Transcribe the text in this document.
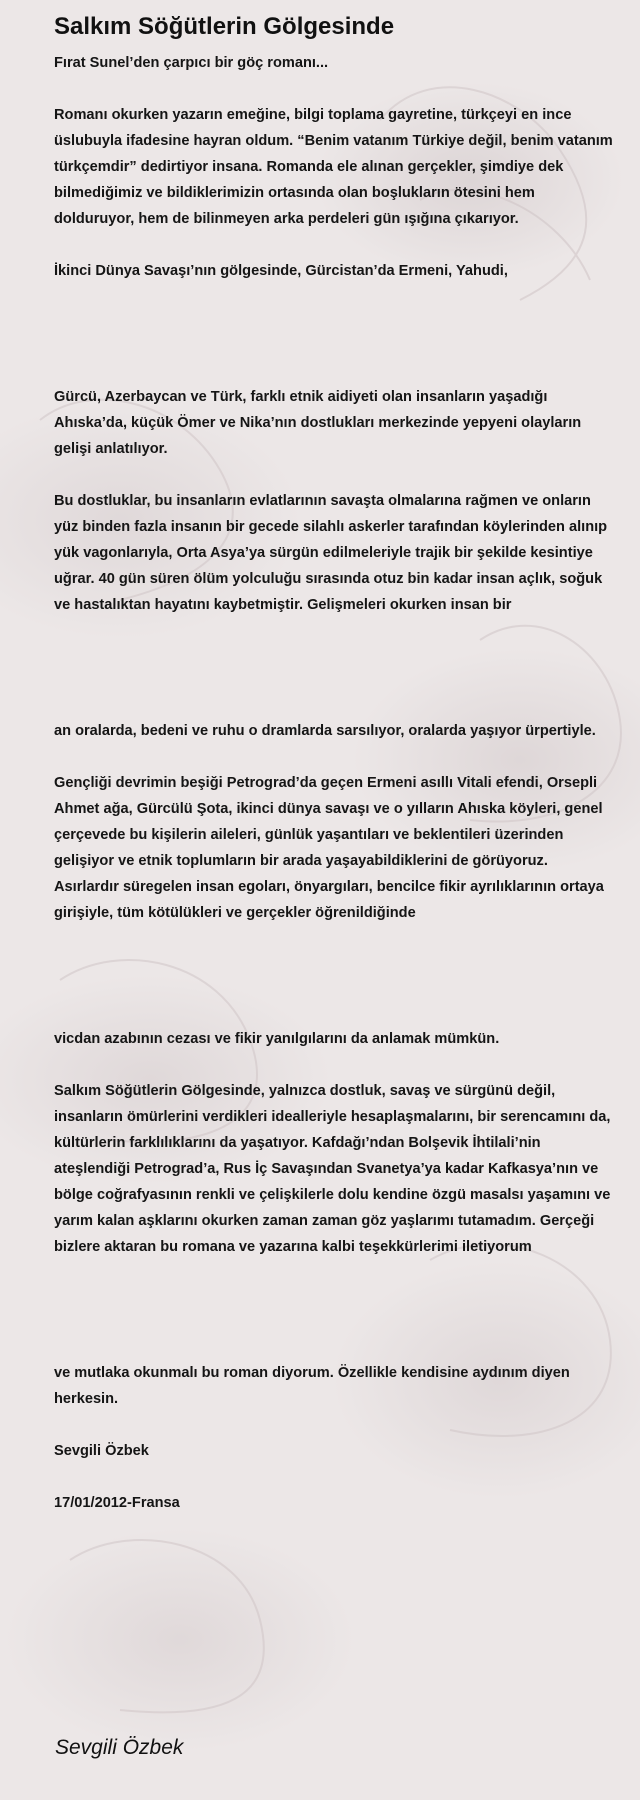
Salkım Söğütlerin Gölgesinde

Fırat Sunel’den çarpıcı bir göç romanı...

Romanı okurken yazarın emeğine, bilgi toplama gayretine, türkçeyi en ince üslubuyla ifadesine hayran oldum. “Benim vatanım Türkiye değil, benim vatanım türkçemdir” dedirtiyor insana. Romanda ele alınan gerçekler, şimdiye dek bilmediğimiz ve bildiklerimizin ortasında olan boşlukların ötesini hem dolduruyor, hem de bilinmeyen arka perdeleri gün ışığına çıkarıyor.

İkinci Dünya Savaşı’nın gölgesinde, Gürcistan’da Ermeni, Yahudi,

Gürcü, Azerbaycan ve Türk, farklı etnik aidiyeti olan insanların yaşadığı Ahıska’da, küçük Ömer ve Nika’nın dostlukları merkezinde yepyeni olayların gelişi anlatılıyor.

Bu dostluklar, bu insanların evlatlarının savaşta olmalarına rağmen ve onların yüz binden fazla insanın bir gecede silahlı askerler tarafından köylerinden alınıp yük vagonlarıyla, Orta Asya’ya sürgün edilmeleriyle trajik bir şekilde kesintiye uğrar. 40 gün süren ölüm yolculuğu sırasında otuz bin kadar insan açlık, soğuk ve hastalıktan hayatını kaybetmiştir. Gelişmeleri okurken insan bir

an oralarda, bedeni ve ruhu o dramlarda sarsılıyor, oralarda yaşıyor ürpertiyle.

Gençliği devrimin beşiği Petrograd’da geçen Ermeni asıllı Vitali efendi, Orsepli Ahmet ağa, Gürcülü Şota, ikinci dünya savaşı ve o yılların Ahıska köyleri, genel çerçevede bu kişilerin aileleri, günlük yaşantıları ve beklentileri üzerinden gelişiyor ve etnik toplumların bir arada yaşayabildiklerini de görüyoruz. Asırlardır süregelen insan egoları, önyargıları, bencilce fikir ayrılıklarının ortaya girişiyle, tüm kötülükleri ve gerçekler öğrenildiğinde

vicdan azabının cezası ve fikir yanılgılarını da anlamak mümkün.

Salkım Söğütlerin Gölgesinde, yalnızca dostluk, savaş ve sürgünü değil, insanların ömürlerini verdikleri idealleriyle hesaplaşmalarını, bir serencamını da, kültürlerin farklılıklarını da yaşatıyor. Kafdağı’ndan Bolşevik İhtilali’nin ateşlendiği Petrograd’a, Rus İç Savaşından Svanetya’ya kadar Kafkasya’nın ve bölge coğrafyasının renkli ve çelişkilerle dolu kendine özgü masalsı yaşamını ve yarım kalan aşklarını okurken zaman zaman göz yaşlarımı tutamadım. Gerçeği bizlere aktaran bu romana ve yazarına kalbi teşekkürlerimi iletiyorum

ve mutlaka okunmalı bu roman diyorum. Özellikle kendisine aydınım diyen herkesin.

Sevgili Özbek

17/01/2012-Fransa

Sevgili Özbek
